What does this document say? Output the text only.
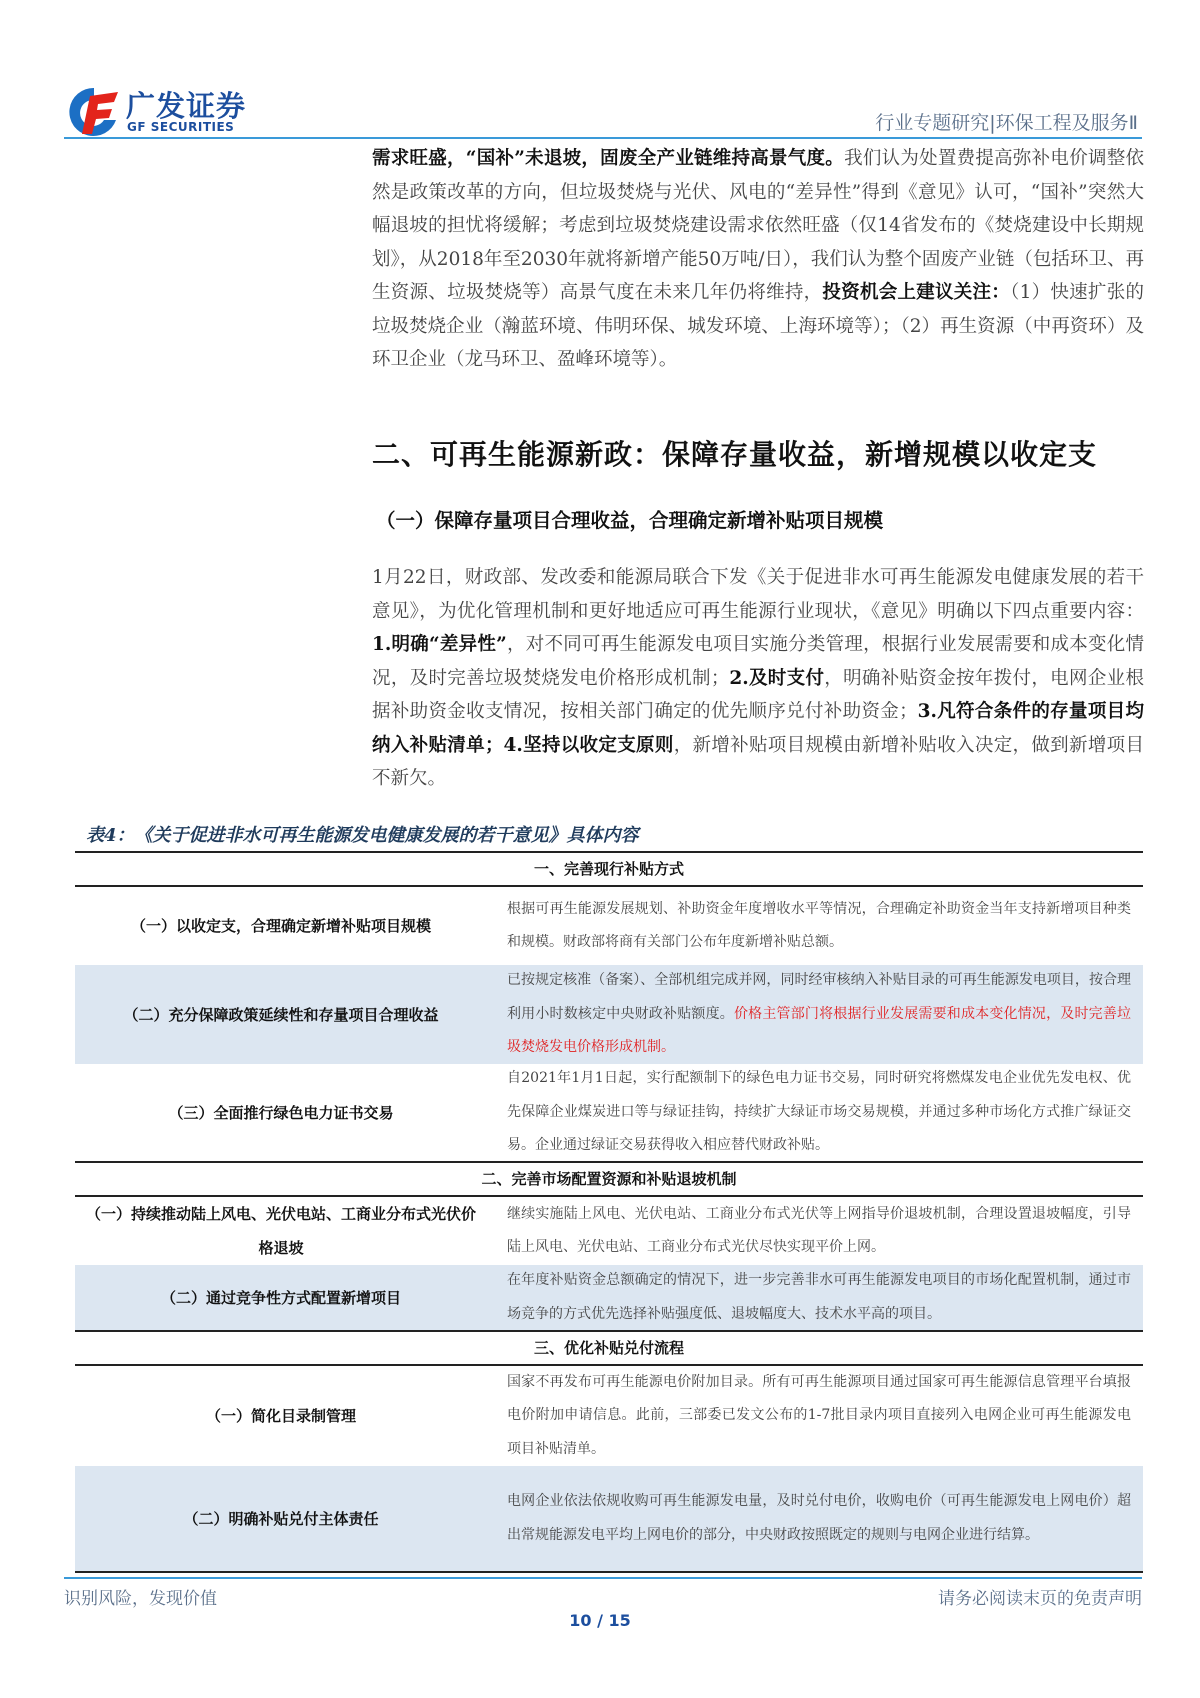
广发证券
GF SECURITIES	行业专题研究|环保工程及服务Ⅱ
需求旺盛，“国补”未退坡，固废全产业链维持高景气度。我们认为处置费提高弥补电价调整依然是政策改革的方向，但垃圾焚烧与光伏、风电的“差异性”得到《意见》认可，“国补”突然大幅退坡的担忧将缓解；考虑到垃圾焚烧建设需求依然旺盛（仅14省发布的《焚烧建设中长期规划》，从2018年至2030年就将新增产能50万吨/日），我们认为整个固废产业链（包括环卫、再生资源、垃圾焚烧等）高景气度在未来几年仍将维持，投资机会上建议关注：（1）快速扩张的垃圾焚烧企业（瀚蓝环境、伟明环保、城发环境、上海环境等）；（2）再生资源（中再资环）及环卫企业（龙马环卫、盈峰环境等）。
二、可再生能源新政：保障存量收益，新增规模以收定支
（一）保障存量项目合理收益，合理确定新增补贴项目规模
1月22日，财政部、发改委和能源局联合下发《关于促进非水可再生能源发电健康发展的若干意见》，为优化管理机制和更好地适应可再生能源行业现状，《意见》明确以下四点重要内容：1.明确“差异性”，对不同可再生能源发电项目实施分类管理，根据行业发展需要和成本变化情况，及时完善垃圾焚烧发电价格形成机制；2.及时支付，明确补贴资金按年拨付，电网企业根据补助资金收支情况，按相关部门确定的优先顺序兑付补助资金；3.凡符合条件的存量项目均纳入补贴清单；4.坚持以收定支原则，新增补贴项目规模由新增补贴收入决定，做到新增项目不新欠。
表4：《关于促进非水可再生能源发电健康发展的若干意见》具体内容
一、完善现行补贴方式
（一）以收定支，合理确定新增补贴项目规模
根据可再生能源发展规划、补助资金年度增收水平等情况，合理确定补助资金当年支持新增项目种类和规模。财政部将商有关部门公布年度新增补贴总额。
（二）充分保障政策延续性和存量项目合理收益
已按规定核准（备案）、全部机组完成并网，同时经审核纳入补贴目录的可再生能源发电项目，按合理利用小时数核定中央财政补贴额度。价格主管部门将根据行业发展需要和成本变化情况，及时完善垃圾焚烧发电价格形成机制。
（三）全面推行绿色电力证书交易
自2021年1月1日起，实行配额制下的绿色电力证书交易，同时研究将燃煤发电企业优先发电权、优先保障企业煤炭进口等与绿证挂钩，持续扩大绿证市场交易规模，并通过多种市场化方式推广绿证交易。企业通过绿证交易获得收入相应替代财政补贴。
二、完善市场配置资源和补贴退坡机制
（一）持续推动陆上风电、光伏电站、工商业分布式光伏价格退坡
继续实施陆上风电、光伏电站、工商业分布式光伏等上网指导价退坡机制，合理设置退坡幅度，引导陆上风电、光伏电站、工商业分布式光伏尽快实现平价上网。
（二）通过竞争性方式配置新增项目
在年度补贴资金总额确定的情况下，进一步完善非水可再生能源发电项目的市场化配置机制，通过市场竞争的方式优先选择补贴强度低、退坡幅度大、技术水平高的项目。
三、优化补贴兑付流程
（一）简化目录制管理
国家不再发布可再生能源电价附加目录。所有可再生能源项目通过国家可再生能源信息管理平台填报电价附加申请信息。此前，三部委已发文公布的1-7批目录内项目直接列入电网企业可再生能源发电项目补贴清单。
（二）明确补贴兑付主体责任
电网企业依法依规收购可再生能源发电量，及时兑付电价，收购电价（可再生能源发电上网电价）超出常规能源发电平均上网电价的部分，中央财政按照既定的规则与电网企业进行结算。
识别风险，发现价值	请务必阅读末页的免责声明
10 / 15
